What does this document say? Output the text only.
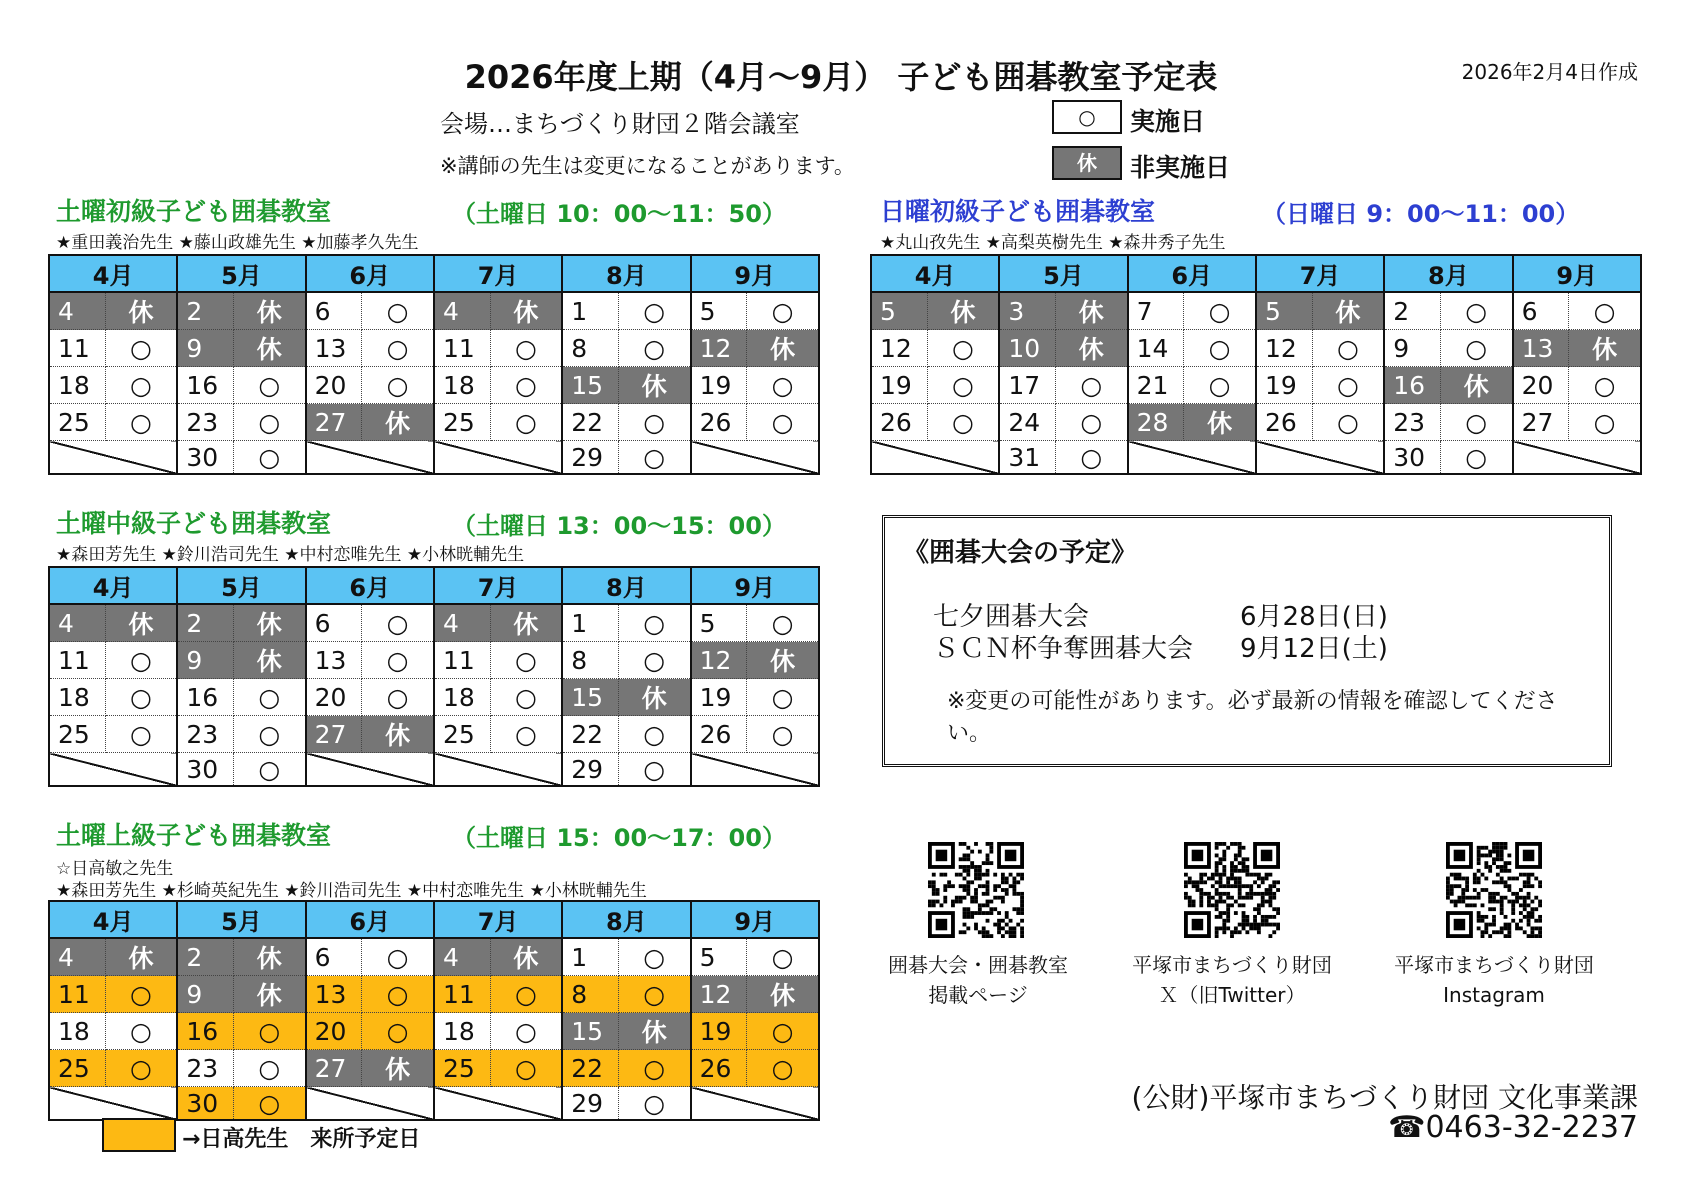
2026年度上期（4月～9月） 子ども囲碁教室予定表	2026年2月4日作成
会場…まちづくり財団２階会議室
※講師の先生は変更になることがあります。
○	実施日
休	非実施日
土曜初級子ども囲碁教室	（土曜日 10：00～11：50）
★重田義治先生 ★藤山政雄先生 ★加藤孝久先生
日曜初級子ども囲碁教室	（日曜日 9：00～11：00）
★丸山孜先生 ★高梨英樹先生 ★森井秀子先生
土曜中級子ども囲碁教室	（土曜日 13：00～15：00）
★森田芳先生 ★鈴川浩司先生 ★中村恋唯先生 ★小林晄輔先生
土曜上級子ども囲碁教室	（土曜日 15：00～17：00）
☆日高敏之先生
★森田芳先生 ★杉崎英紀先生 ★鈴川浩司先生 ★中村恋唯先生 ★小林晄輔先生
4月		5月		6月		7月		8月		9月	
4	休	2	休	6	○	4	休	1	○	5	○
11	○	9	休	13	○	11	○	8	○	12	休
18	○	16	○	20	○	18	○	15	休	19	○
25	○	23	○	27	休	25	○	22	○	26	○
		30	○					29	○		
4月		5月		6月		7月		8月		9月	
5	休	3	休	7	○	5	休	2	○	6	○
12	○	10	休	14	○	12	○	9	○	13	休
19	○	17	○	21	○	19	○	16	休	20	○
26	○	24	○	28	休	26	○	23	○	27	○
		31	○					30	○		
4月		5月		6月		7月		8月		9月	
4	休	2	休	6	○	4	休	1	○	5	○
11	○	9	休	13	○	11	○	8	○	12	休
18	○	16	○	20	○	18	○	15	休	19	○
25	○	23	○	27	休	25	○	22	○	26	○
		30	○					29	○		
4月		5月		6月		7月		8月		9月	
4	休	2	休	6	○	4	休	1	○	5	○
11	○	9	休	13	○	11	○	8	○	12	休
18	○	16	○	20	○	18	○	15	休	19	○
25	○	23	○	27	休	25	○	22	○	26	○
		30	○					29	○		
《囲碁大会の予定》
七夕囲碁大会	6月28日(日)
ＳＣＮ杯争奪囲碁大会 9月12日(土)
※変更の可能性があります。必ず最新の情報を確認してください。
囲碁大会・囲碁教室
掲載ページ
平塚市まちづくり財団
Ｘ（旧Twitter）
平塚市まちづくり財団
Instagram
(公財)平塚市まちづくり財団 文化事業課
☎0463-32-2237
→日高先生　来所予定日
